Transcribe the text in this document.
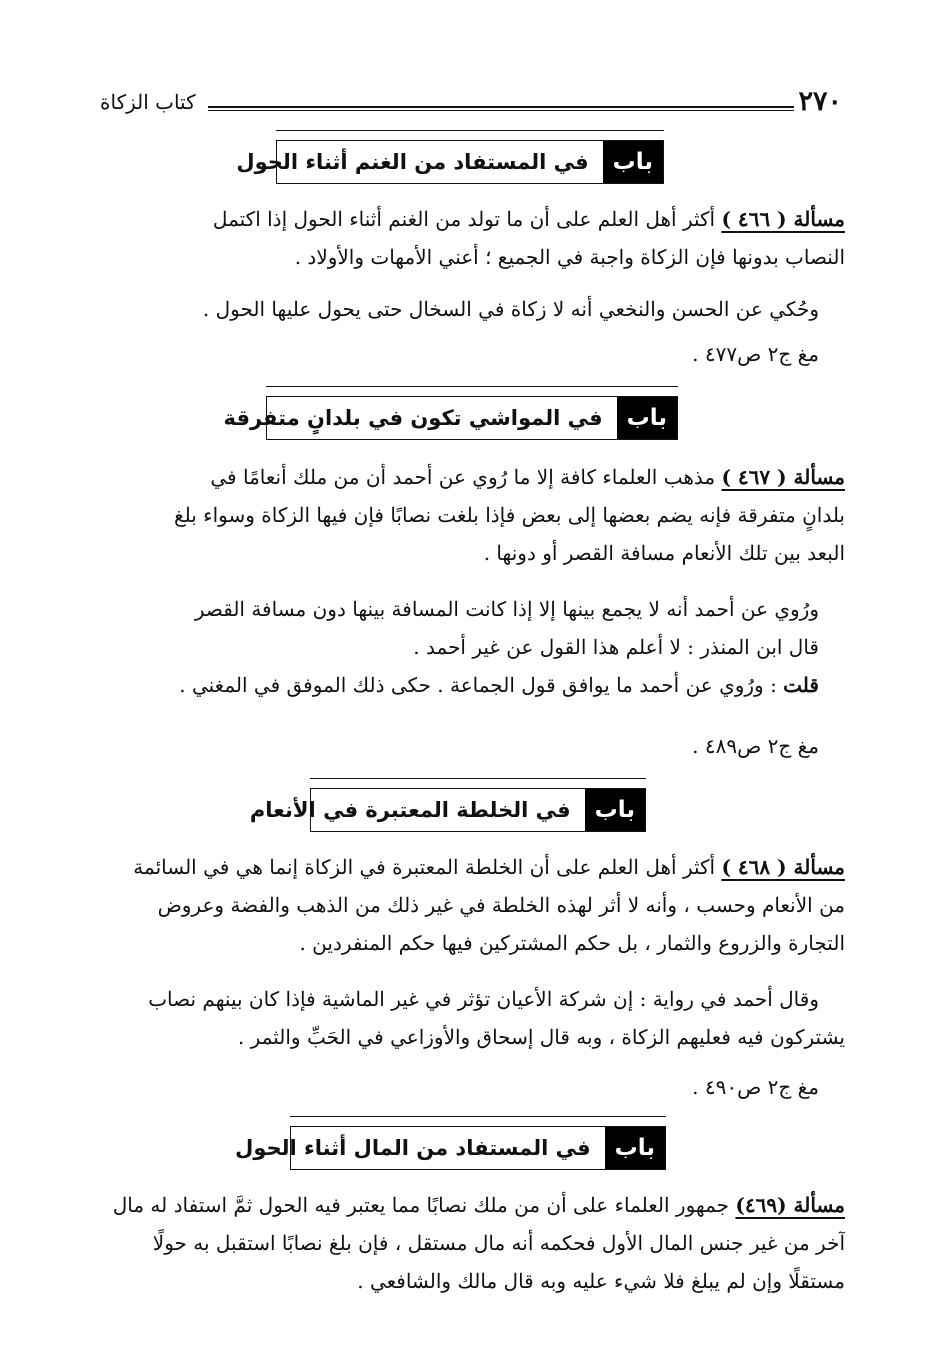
٢٧٠
كتاب الزكاة
باب
في المستفاد من الغنم أثناء الحول
مسألة ( ٤٦٦ ) أكثر أهل العلم على أن ما تولد من الغنم أثناء الحول إذا اكتمل
النصاب بدونها فإن الزكاة واجبة في الجميع ؛ أعني الأمهات والأولاد .
وحُكي عن الحسن والنخعي أنه لا زكاة في السخال حتى يحول عليها الحول .
مغ ج٢ ص٤٧٧ .
باب
في المواشي تكون في بلدانٍ متفرقة
مسألة ( ٤٦٧ ) مذهب العلماء كافة إلا ما رُوي عن أحمد أن من ملك أنعامًا في
بلدانٍ متفرقة فإنه يضم بعضها إلى بعض فإذا بلغت نصابًا فإن فيها الزكاة وسواء بلغ
البعد بين تلك الأنعام مسافة القصر أو دونها .
ورُوي عن أحمد أنه لا يجمع بينها إلا إذا كانت المسافة بينها دون مسافة القصر
قال ابن المنذر : لا أعلم هذا القول عن غير أحمد .
قلت : ورُوي عن أحمد ما يوافق قول الجماعة . حكى ذلك الموفق في المغني .
مغ ج٢ ص٤٨٩ .
باب
في الخلطة المعتبرة في الأنعام
مسألة ( ٤٦٨ ) أكثر أهل العلم على أن الخلطة المعتبرة في الزكاة إنما هي في السائمة
من الأنعام وحسب ، وأنه لا أثر لهذه الخلطة في غير ذلك من الذهب والفضة وعروض
التجارة والزروع والثمار ، بل حكم المشتركين فيها حكم المنفردين .
وقال أحمد في رواية : إن شركة الأعيان تؤثر في غير الماشية فإذا كان بينهم نصاب
يشتركون فيه فعليهم الزكاة ، وبه قال إسحاق والأوزاعي في الحَبِّ والثمر .
مغ ج٢ ص٤٩٠ .
باب
في المستفاد من المال أثناء الحول
مسألة (٤٦٩) جمهور العلماء على أن من ملك نصابًا مما يعتبر فيه الحول ثمَّ استفاد له مال
آخر من غير جنس المال الأول فحكمه أنه مال مستقل ، فإن بلغ نصابًا استقبل به حولًا
مستقلًا وإن لم يبلغ فلا شيء عليه وبه قال مالك والشافعي .
